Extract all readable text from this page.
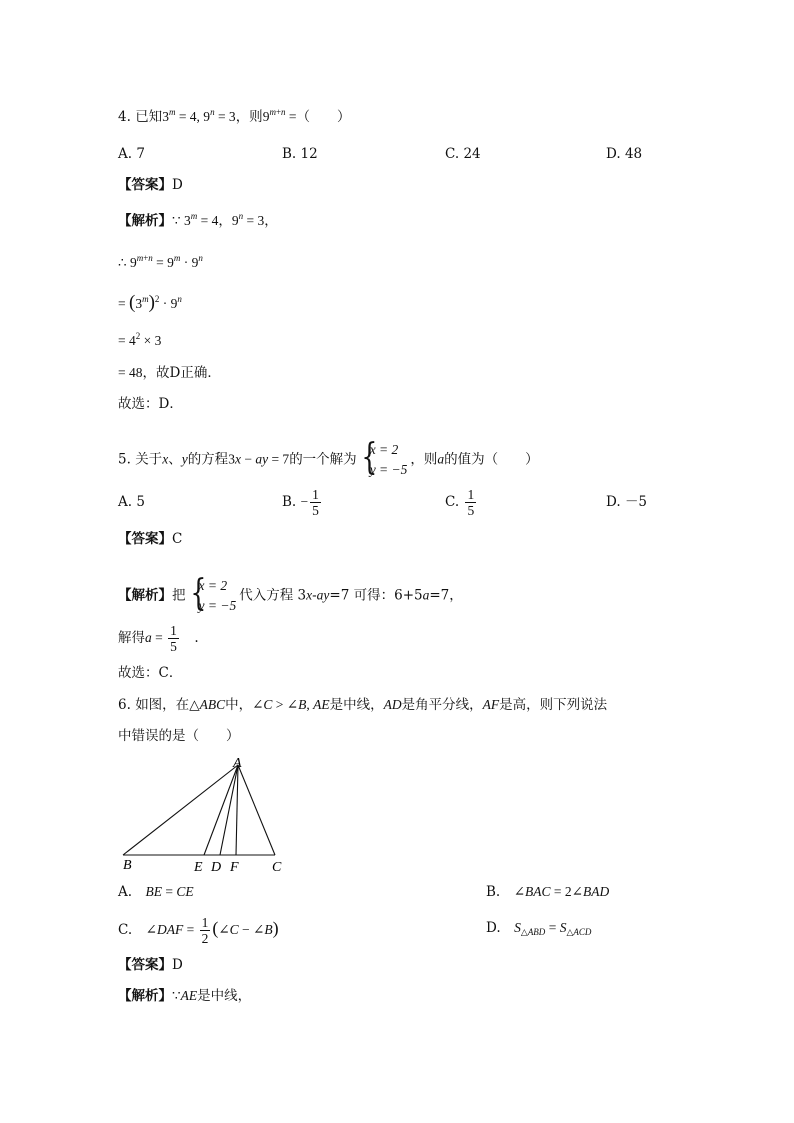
4. 已知$3^m = 4$, $9^n = 3$，则$9^{m+n}$ =（　　）
A. 7	B. 12	C. 24	D. 48
【答案】D
【解析】∵ $3^m = 4$，$9^n = 3$，
∴ $9^{m+n} = 9^m \cdot 9^n$
= $(3^m)^2 \cdot 9^n$
= $4^2 \times 3$
= 48，故D正确．
故选：D．
5. 关于x、y的方程3x − ay = 7的一个解为 {
x = 2
y = −5
，则a的值为（　　）
A. 5	B. − $\frac{1}{5}$	C. $\frac{1}{5}$	D. －5
【答案】C
【解析】把 {
x = 2
y = −5
代入方程 3x-ay=7 可得：6+5a=7，
解得$a = \frac{1}{5}$ 　.
故选：C．
6. 如图，在△ABC中，∠C > ∠B, AE是中线，AD是角平分线，AF是高，则下列说法
中错误的是（　　）
A
B	E D F C
A.　 BE = CE	B.　 ∠BAC = 2∠BAD
C.　 ∠DAF = $\frac{1}{2}$ (∠C − ∠B)	D.　 $S_{\triangle ABD} = S_{\triangle ACD}$
【答案】D
【解析】∵AE是中线，
